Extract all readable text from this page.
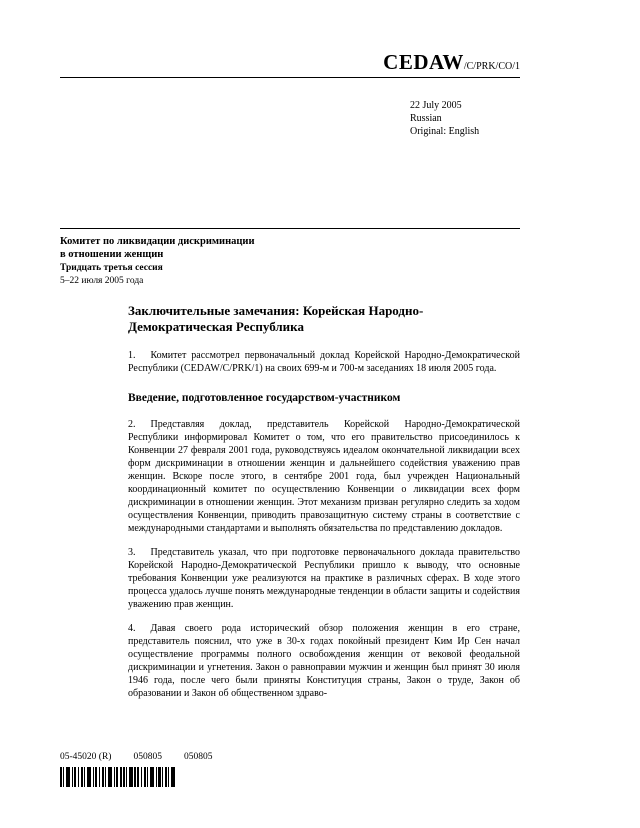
CEDAW/C/PRK/CO/1
22 July 2005
Russian
Original: English
Комитет по ликвидации дискриминации
в отношении женщин
Тридцать третья сессия
5–22 июля 2005 года
Заключительные замечания: Корейская Народно-Демократическая Республика

1. Комитет рассмотрел первоначальный доклад Корейской Народно-Демократической Республики (CEDAW/C/PRK/1) на своих 699-м и 700-м заседаниях 18 июля 2005 года.

Введение, подготовленное государством-участником

2. Представляя доклад, представитель Корейской Народно-Демократической Республики информировал Комитет о том, что его правительство присоединилось к Конвенции 27 февраля 2001 года, руководствуясь идеалом окончательной ликвидации всех форм дискриминации в отношении женщин и дальнейшего содействия уважению прав женщин. Вскоре после этого, в сентябре 2001 года, был учрежден Национальный координационный комитет по осуществлению Конвенции о ликвидации всех форм дискриминации в отношении женщин. Этот механизм призван регулярно следить за ходом осуществления Конвенции, приводить правозащитную систему страны в соответствие с международными стандартами и выполнять обязательства по представлению докладов.

3. Представитель указал, что при подготовке первоначального доклада правительство Корейской Народно-Демократической Республики пришло к выводу, что основные требования Конвенции уже реализуются на практике в различных сферах. В ходе этого процесса удалось лучше понять международные тенденции в области защиты и содействия уважению прав женщин.

4. Давая своего рода исторический обзор положения женщин в его стране, представитель пояснил, что уже в 30-х годах покойный президент Ким Ир Сен начал осуществление программы полного освобождения женщин от вековой феодальной дискриминации и угнетения. Закон о равноправии мужчин и женщин был принят 30 июля 1946 года, после чего были приняты Конституция страны, Закон о труде, Закон об образовании и Закон об общественном здраво-

05-45020 (R) 050805 050805
